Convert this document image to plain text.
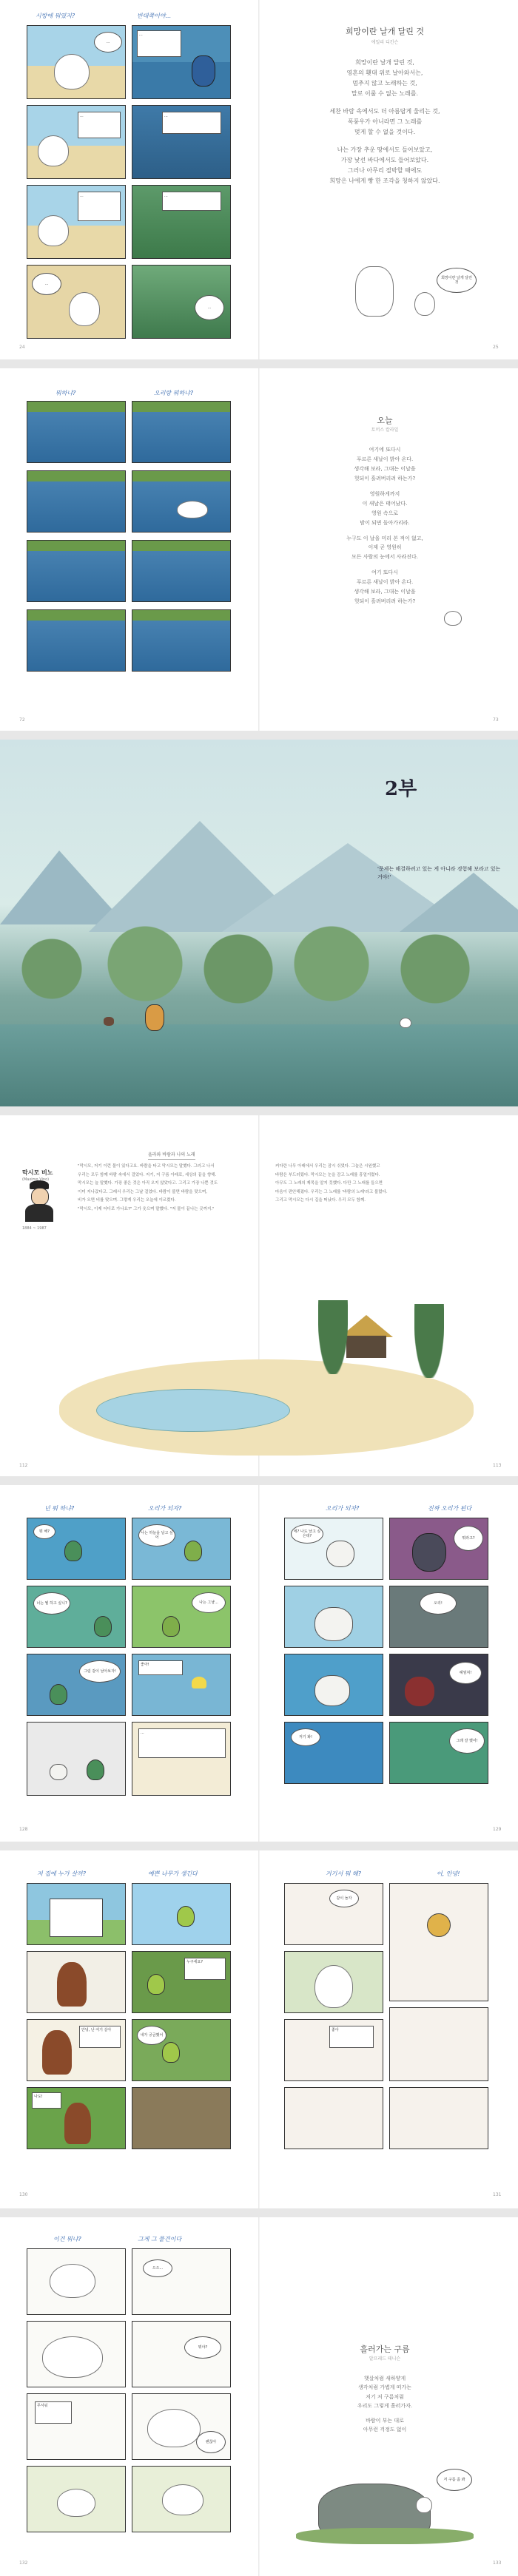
시방에 뭐였지?	반대쪽이야...
...
...
...	...
...	...
...
...
24	25
희망이란 날개 달린 것
에밀리 디킨슨
희망이란 날개 달린 것,
영혼의 횃대 위로 날아와서는,
멈추지 않고 노래하는 것,
말로 이룰 수 없는 노래를.
세찬 바람 속에서도 더 아름답게 울리는 것,
폭풍우가 아니라면 그 노래를
멎게 할 수 없을 것이다.
나는 가장 추운 땅에서도 들어보았고,
가장 낯선 바다에서도 들어보았다.
그러나 아무리 절박할 때에도
희망은 나에게 빵 한 조각을 청하지 않았다.
희망이란 날개 달린 것
뭐하냐?	오리랑 뭐하냐?
72	73
오늘
토머스 칼라일
여기에 또다시
푸르른 새날이 밝아 온다.
생각해 보라, 그대는 이날을
헛되이 흘려버리려 하는가?
영원하게까지
이 새날은 태어났다.
영원 속으로
밤이 되면 돌아가리라.
누구도 이 날을 미리 본 적이 없고,
이제 곧 영원히
모든 사람의 눈에서 사라진다.
여기 또다시
푸르른 새날이 밝아 온다.
생각해 보라, 그대는 이날을
헛되이 흘려버리려 하는가?
2부
'문제는 해결하려고 있는 게 아니라 경험해 보라고 있는 거야!'
올라와 바람과 나의 노래
막시모 비노
(Maximo Vino)
1884 ~ 1987
"막시모, 저기 이런 물이 있다고요. 바람을 타고 막시모는 말했다. 그러고 나서
우리는 모두 함께 바람 속에서 걸었다. 저기, 저 구름 아래로, 세상의 끝을 향해.
막시모는 늘 말했다. 가장 좋은 것은 아직 오지 않았다고. 그리고 가장 나쁜 것도
이미 지나갔다고. 그래서 우리는 그날 걸었다. 바람이 불면 바람을 맞으며,
비가 오면 비를 맞으며. 그렇게 우리는 오늘에 이르렀다.
"막시모, 이제 어디로 가나요?" 그가 웃으며 말했다. "저 물이 끝나는 곳까지."
커다란 나무 아래에서 우리는 잠시 쉬었다. 그늘은 시원했고
바람은 부드러웠다. 막시모는 눈을 감고 노래를 흥얼거렸다.
아무도 그 노래의 제목을 알지 못했다. 다만 그 노래를 들으면
마음이 편안해졌다. 우리는 그 노래를 '바람의 노래'라고 불렀다.
그리고 막시모는 다시 길을 떠났다. 우리 모두 함께.
112	113
넌 뭐 하냐?	오리가 되자?	오리가 되자?	진짜 오리가 된다
뭐 해?	나는 하늘을 날고 싶어
너는 뭘 하고 싶니?	나는 그냥...
그럼 같이 날아보자!
좋아!
...
에? 나도 날고 싶은데?	뭐라고?
오리!
헤엄쳐!
저기 봐!
그래 잘 했어!
128	129
저 집에 누가 살까?	예쁜 나무가 생긴다	거기서 뭐 해?	어, 안녕!
누구세요?
안녕, 난 여기 살아
네가 궁금했어
나도!
같이 놀자
좋아
130	131
이건 뭐냐?	그게 그 물건이다
으으...
뭐야?
무서워
괜찮아
흘러가는 구름
알프레드 테니슨
햇살처럼 새하얗게
생각처럼 가볍게 떠가는
저기 저 구름처럼
우리도 그렇게 흘러가자.
바람이 부는 대로
아무런 걱정도 없이
저 구름 좀 봐
132	133
